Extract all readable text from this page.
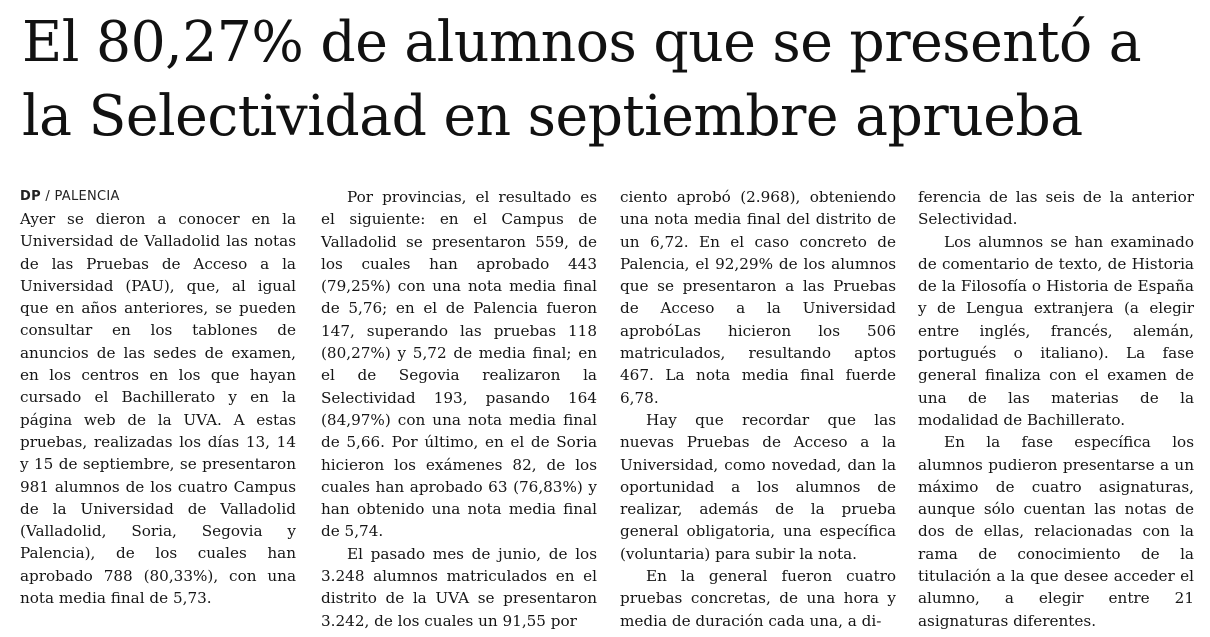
El 80,27% de alumnos que se presentó a
la Selectividad en septiembre aprueba
DP / PALENCIA

Ayer se dieron a conocer en la Universidad de Valladolid las notas de las Pruebas de Acceso a la Universidad (PAU), que, al igual que en años anteriores, se pueden consultar en los tablones de anuncios de las sedes de examen, en los centros en los que hayan cursado el Bachillerato y en la página web de la UVA. A estas pruebas, realizadas los días 13, 14 y 15 de septiembre, se presentaron 981 alumnos de los cuatro Campus de la Universidad de Valladolid (Valladolid, Soria, Segovia y Palencia), de los cuales han aprobado 788 (80,33%), con una nota media final de 5,73.

Por provincias, el resultado es el siguiente: en el Campus de Valladolid se presentaron 559, de los cuales han aprobado 443 (79,25%) con una nota media final de 5,76; en el de Palencia fueron 147, superando las pruebas 118 (80,27%) y 5,72 de media final; en el de Segovia realizaron la Selectividad 193, pasando 164 (84,97%) con una nota media final de 5,66. Por último, en el de Soria hicieron los exámenes 82, de los cuales han aprobado 63 (76,83%) y han obtenido una nota media final de 5,74.

El pasado mes de junio, de los 3.248 alumnos matriculados en el distrito de la UVA se presentaron 3.242, de los cuales un 91,55 por

ciento aprobó (2.968), obteniendo una nota media final del distrito de un 6,72. En el caso concreto de Palencia, el 92,29% de los alumnos que se presentaron a las Pruebas de Acceso a la Universidad aprobóLas hicieron los 506 matriculados, resultando aptos 467. La nota media final fuerde 6,78.

Hay que recordar que las nuevas Pruebas de Acceso a la Universidad, como novedad, dan la oportunidad a los alumnos de realizar, además de la prueba general obligatoria, una específica (voluntaria) para subir la nota.

En la general fueron cuatro pruebas concretas, de una hora y media de duración cada una, a di-

ferencia de las seis de la anterior Selectividad.

Los alumnos se han examinado de comentario de texto, de Historia de la Filosofía o Historia de España y de Lengua extranjera (a elegir entre inglés, francés, alemán, portugués o italiano). La fase general finaliza con el examen de una de las materias de la modalidad de Bachillerato.

En la fase específica los alumnos pudieron presentarse a un máximo de cuatro asignaturas, aunque sólo cuentan las notas de dos de ellas, relacionadas con la rama de conocimiento de la titulación a la que desee acceder el alumno, a elegir entre 21 asignaturas diferentes.
